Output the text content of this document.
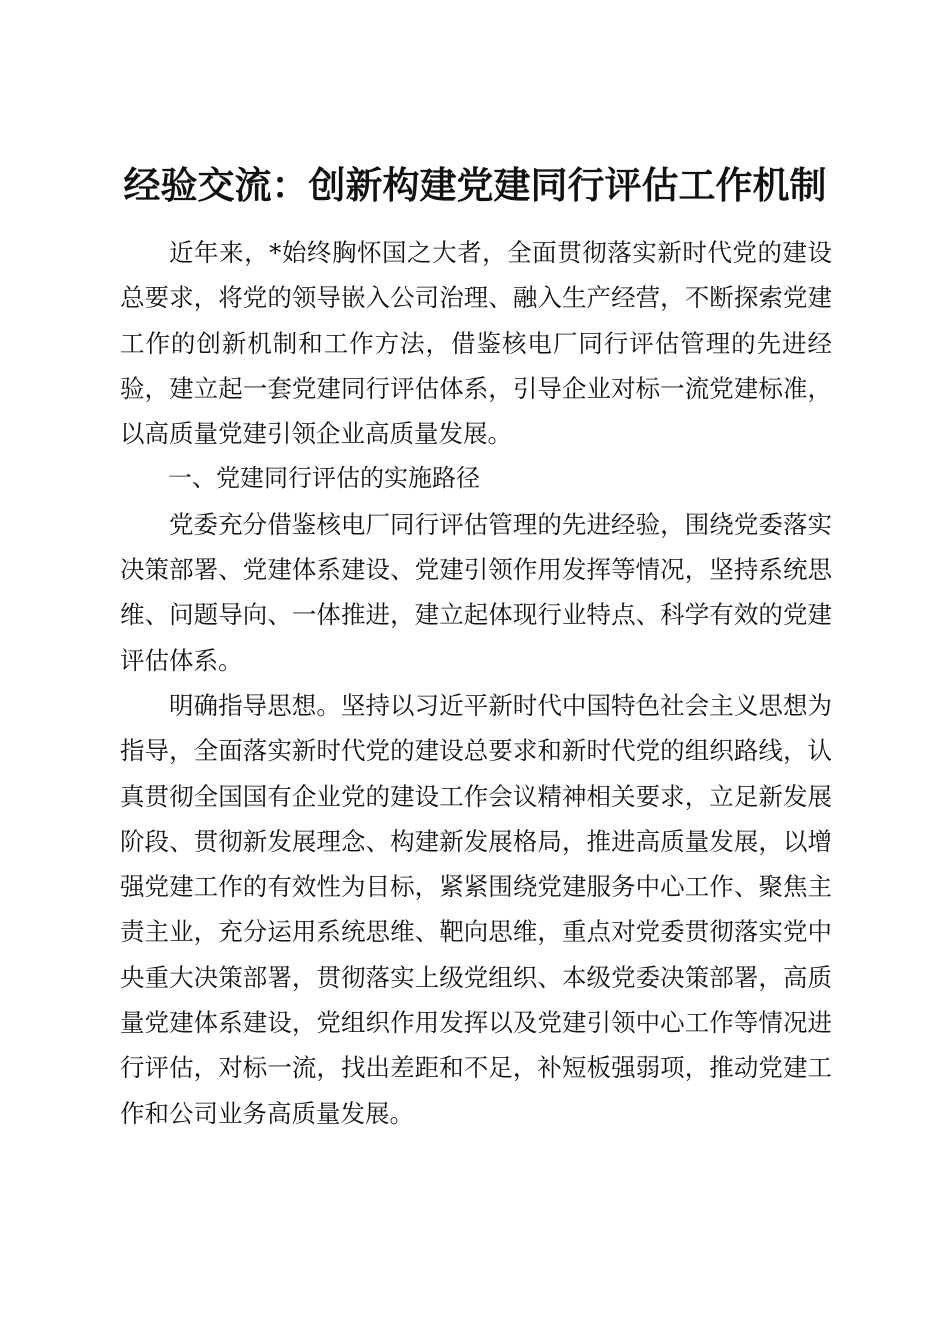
经验交流：创新构建党建同行评估工作机制

近年来，*始终胸怀国之大者，全面贯彻落实新时代党的建设总要求，将党的领导嵌入公司治理、融入生产经营，不断探索党建工作的创新机制和工作方法，借鉴核电厂同行评估管理的先进经验，建立起一套党建同行评估体系，引导企业对标一流党建标准，以高质量党建引领企业高质量发展。

一、党建同行评估的实施路径

党委充分借鉴核电厂同行评估管理的先进经验，围绕党委落实决策部署、党建体系建设、党建引领作用发挥等情况，坚持系统思维、问题导向、一体推进，建立起体现行业特点、科学有效的党建评估体系。

明确指导思想。坚持以习近平新时代中国特色社会主义思想为指导，全面落实新时代党的建设总要求和新时代党的组织路线，认真贯彻全国国有企业党的建设工作会议精神相关要求，立足新发展阶段、贯彻新发展理念、构建新发展格局，推进高质量发展，以增强党建工作的有效性为目标，紧紧围绕党建服务中心工作、聚焦主责主业，充分运用系统思维、靶向思维，重点对党委贯彻落实党中央重大决策部署，贯彻落实上级党组织、本级党委决策部署，高质量党建体系建设，党组织作用发挥以及党建引领中心工作等情况进行评估，对标一流，找出差距和不足，补短板强弱项，推动党建工作和公司业务高质量发展。
